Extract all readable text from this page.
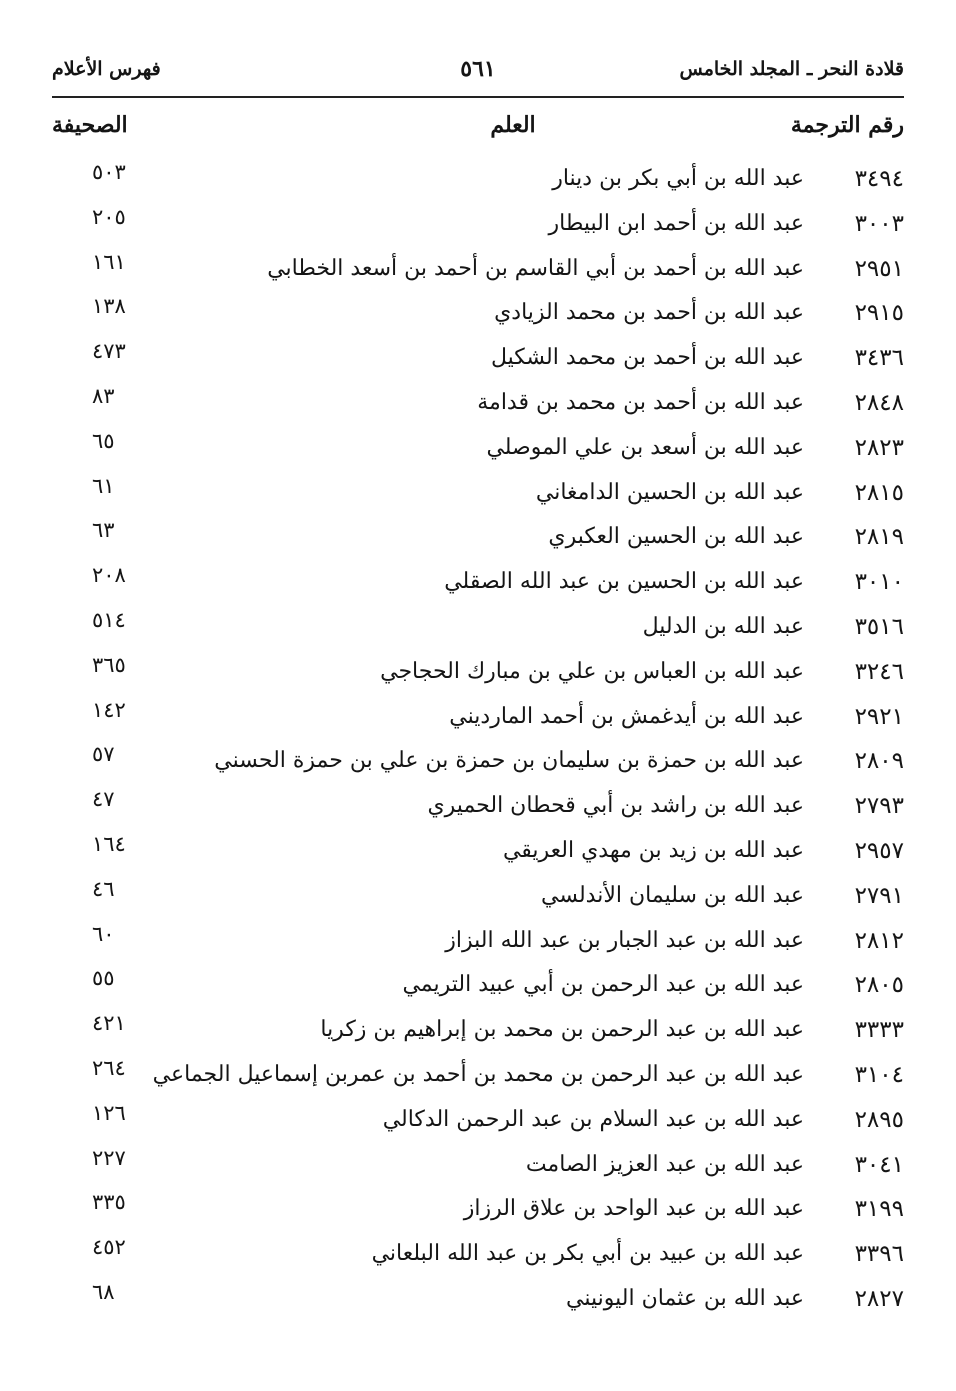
قلادة النحر ـ المجلد الخامس
٥٦١
فهرس الأعلام
رقم الترجمة
العلم
الصحيفة
٣٤٩٤
عبد الله بن أبي بكر بن دينار
٥٠٣
٣٠٠٣
عبد الله بن أحمد ابن البيطار
٢٠٥
٢٩٥١
عبد الله بن أحمد بن أبي القاسم بن أحمد بن أسعد الخطابي
١٦١
٢٩١٥
عبد الله بن أحمد بن محمد الزيادي
١٣٨
٣٤٣٦
عبد الله بن أحمد بن محمد الشكيل
٤٧٣
٢٨٤٨
عبد الله بن أحمد بن محمد بن قدامة
٨٣
٢٨٢٣
عبد الله بن أسعد بن علي الموصلي
٦٥
٢٨١٥
عبد الله بن الحسين الدامغاني
٦١
٢٨١٩
عبد الله بن الحسين العكبري
٦٣
٣٠١٠
عبد الله بن الحسين بن عبد الله الصقلي
٢٠٨
٣٥١٦
عبد الله بن الدليل
٥١٤
٣٢٤٦
عبد الله بن العباس بن علي بن مبارك الحجاجي
٣٦٥
٢٩٢١
عبد الله بن أيدغمش بن أحمد المارديني
١٤٢
٢٨٠٩
عبد الله بن حمزة بن سليمان بن حمزة بن علي بن حمزة الحسني
٥٧
٢٧٩٣
عبد الله بن راشد بن أبي قحطان الحميري
٤٧
٢٩٥٧
عبد الله بن زيد بن مهدي العريقي
١٦٤
٢٧٩١
عبد الله بن سليمان الأندلسي
٤٦
٢٨١٢
عبد الله بن عبد الجبار بن عبد الله البزاز
٦٠
٢٨٠٥
عبد الله بن عبد الرحمن بن أبي عبيد التريمي
٥٥
٣٣٣٣
عبد الله بن عبد الرحمن بن محمد بن إبراهيم بن زكريا
٤٢١
٣١٠٤
عبد الله بن عبد الرحمن بن محمد بن أحمد بن عمربن إسماعيل الجماعي
٢٦٤
٢٨٩٥
عبد الله بن عبد السلام بن عبد الرحمن الدكالي
١٢٦
٣٠٤١
عبد الله بن عبد العزيز الصامت
٢٢٧
٣١٩٩
عبد الله بن عبد الواحد بن علاق الرزاز
٣٣٥
٣٣٩٦
عبد الله بن عبيد بن أبي بكر بن عبد الله البلعاني
٤٥٢
٢٨٢٧
عبد الله بن عثمان اليونيني
٦٨
